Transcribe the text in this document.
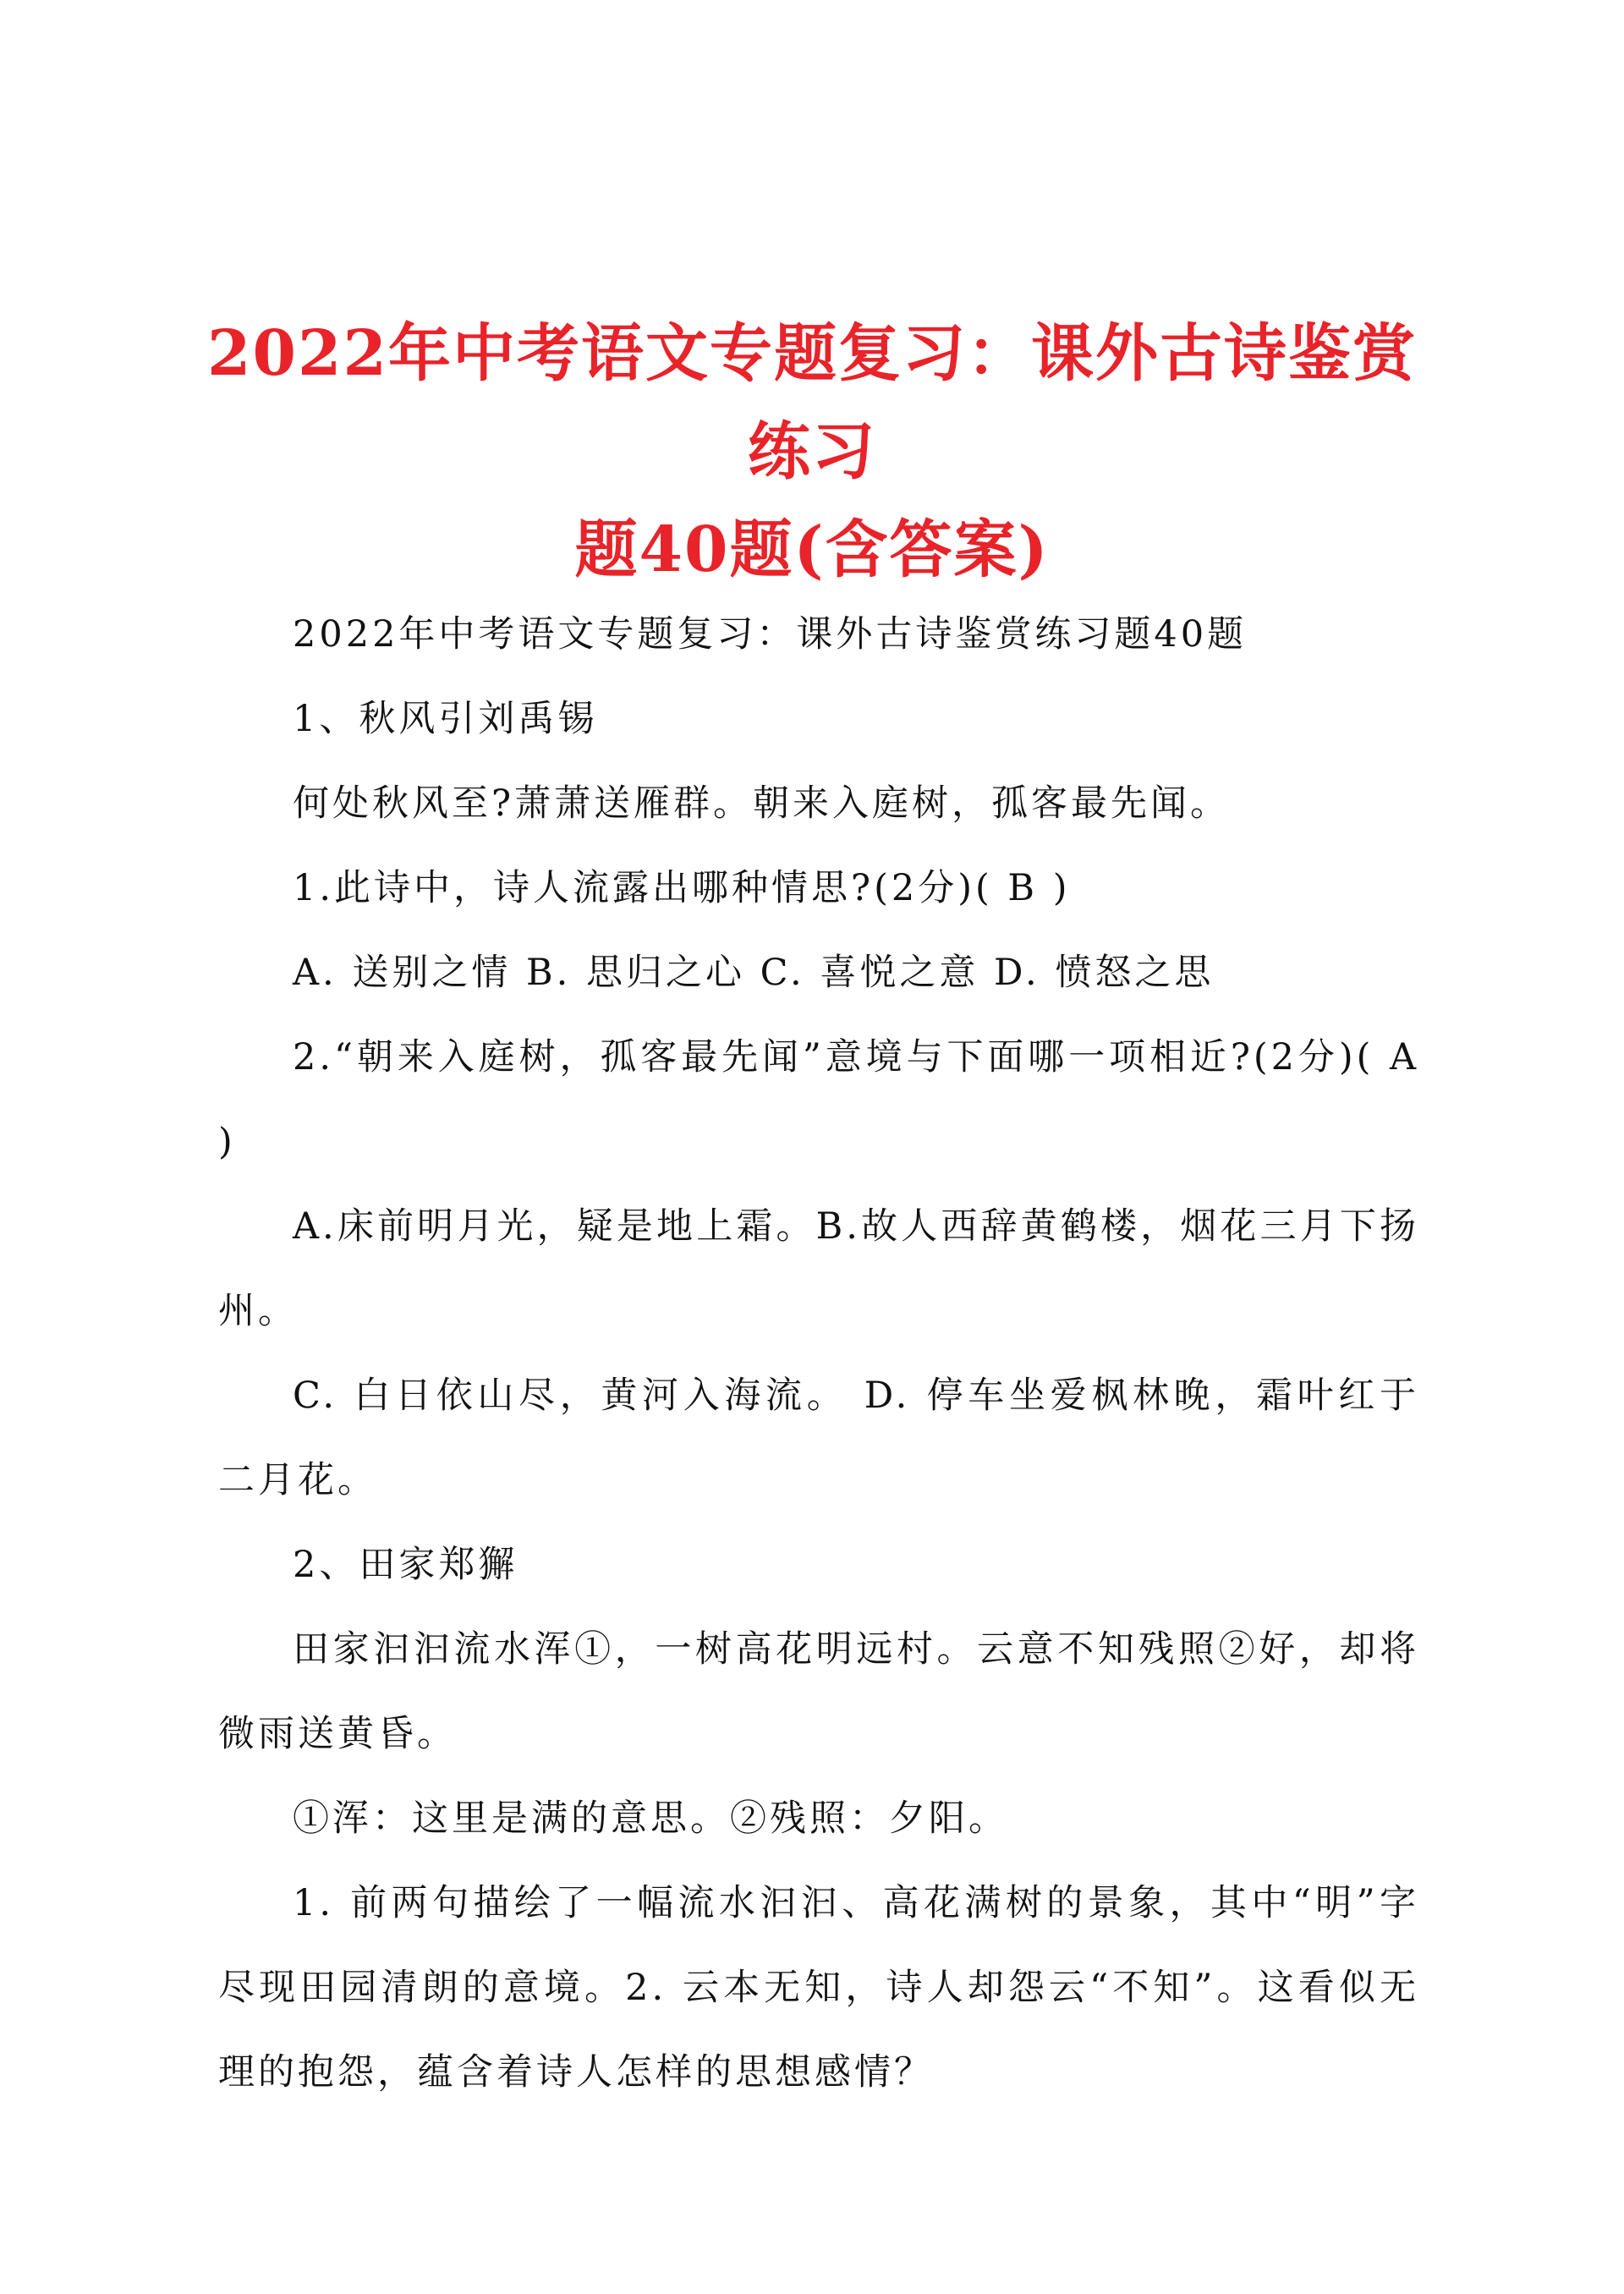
2022年中考语文专题复习：课外古诗鉴赏练习
题40题(含答案)

2022年中考语文专题复习：课外古诗鉴赏练习题40题

1、秋风引刘禹锡

何处秋风至?萧萧送雁群。朝来入庭树，孤客最先闻。

1.此诗中，诗人流露出哪种情思?(2分)( B )

A. 送别之情 B. 思归之心 C. 喜悦之意 D. 愤怒之思

2.“朝来入庭树，孤客最先闻”意境与下面哪一项相近?(2分)( A )

A.床前明月光，疑是地上霜。B.故人西辞黄鹤楼，烟花三月下扬州。

C. 白日依山尽，黄河入海流。 D. 停车坐爱枫林晚，霜叶红于二月花。

2、田家郑獬

田家汩汩流水浑①，一树高花明远村。云意不知残照②好，却将微雨送黄昏。

①浑：这里是满的意思。②残照：夕阳。

1. 前两句描绘了一幅流水汩汩、高花满树的景象，其中“明”字尽现田园清朗的意境。2. 云本无知，诗人却怨云“不知”。这看似无理的抱怨，蕴含着诗人怎样的思想感情？
